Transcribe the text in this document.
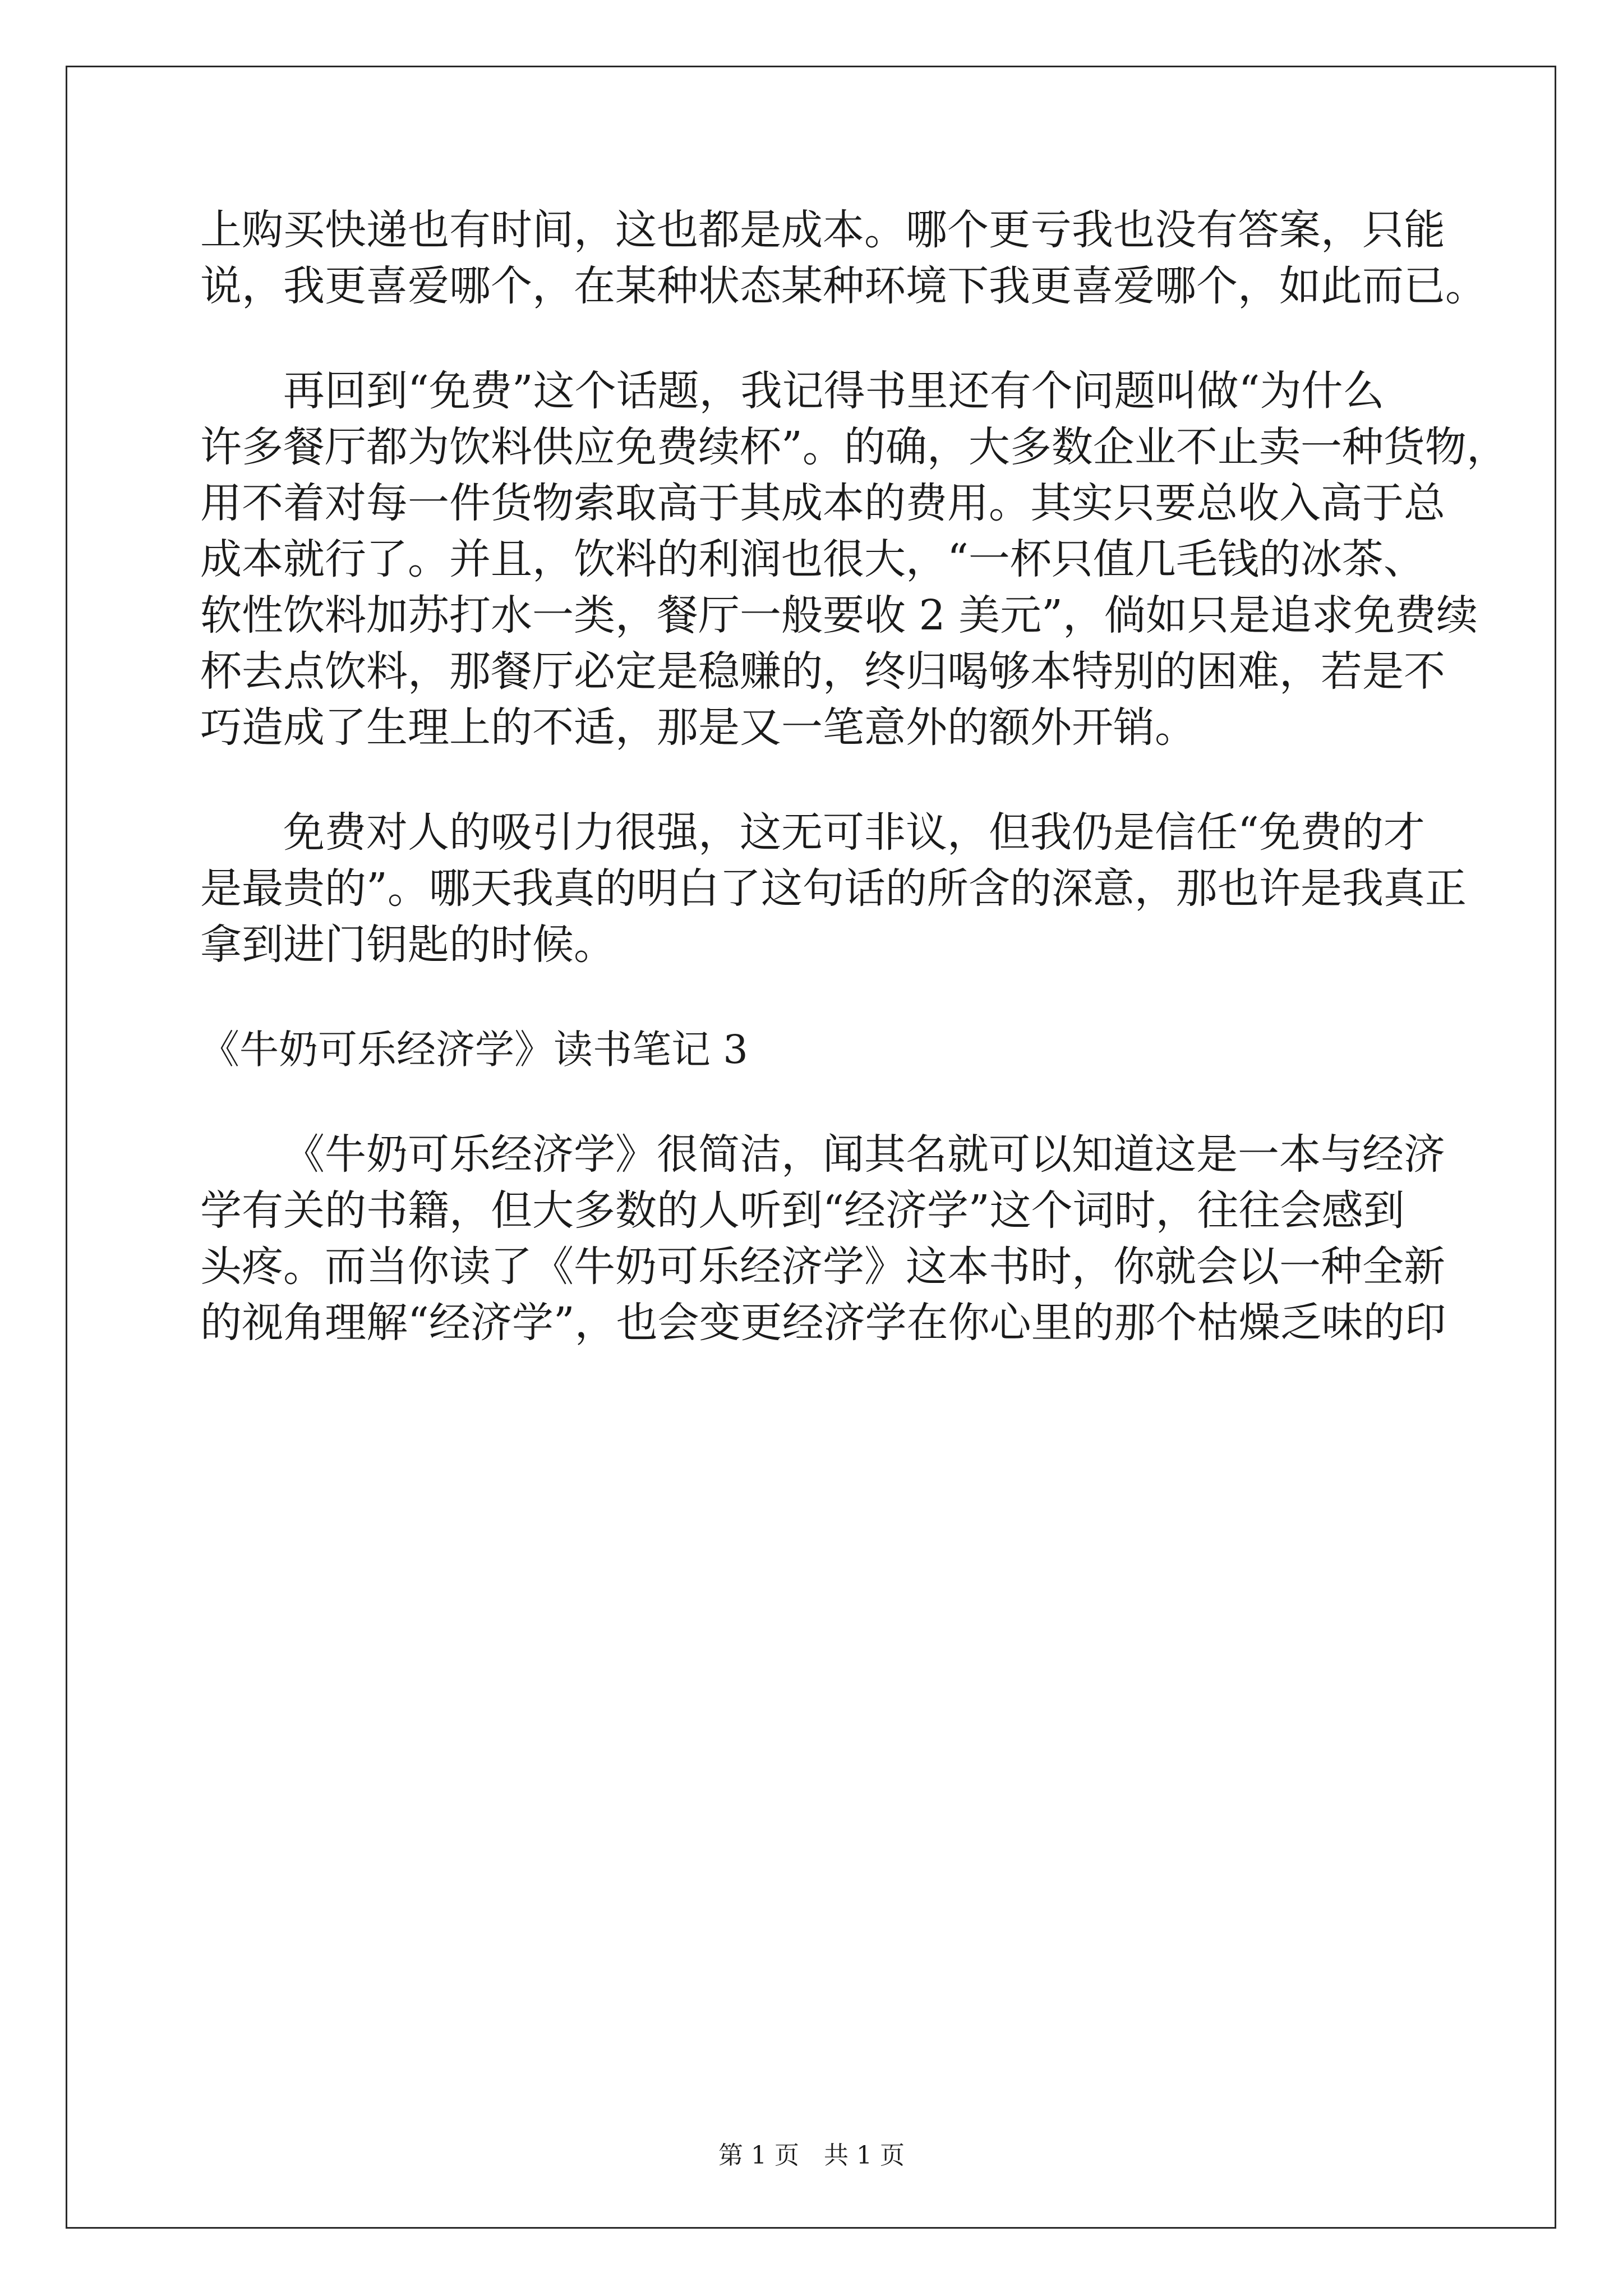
上购买快递也有时间，这也都是成本。哪个更亏我也没有答案，只能

说，我更喜爱哪个，在某种状态某种环境下我更喜爱哪个，如此而已。

再回到“免费”这个话题，我记得书里还有个问题叫做“为什么

许多餐厅都为饮料供应免费续杯”。的确，大多数企业不止卖一种货物，

用不着对每一件货物索取高于其成本的费用。其实只要总收入高于总

成本就行了。并且，饮料的利润也很大，“一杯只值几毛钱的冰茶、

软性饮料加苏打水一类，餐厅一般要收 2 美元”，倘如只是追求免费续

杯去点饮料，那餐厅必定是稳赚的，终归喝够本特别的困难，若是不

巧造成了生理上的不适，那是又一笔意外的额外开销。

免费对人的吸引力很强，这无可非议，但我仍是信任“免费的才

是最贵的”。哪天我真的明白了这句话的所含的深意，那也许是我真正

拿到进门钥匙的时候。

《牛奶可乐经济学》读书笔记 3

《牛奶可乐经济学》很简洁，闻其名就可以知道这是一本与经济

学有关的书籍，但大多数的人听到“经济学”这个词时，往往会感到

头疼。而当你读了《牛奶可乐经济学》这本书时，你就会以一种全新

的视角理解“经济学”，也会变更经济学在你心里的那个枯燥乏味的印

第 1 页　共 1 页
